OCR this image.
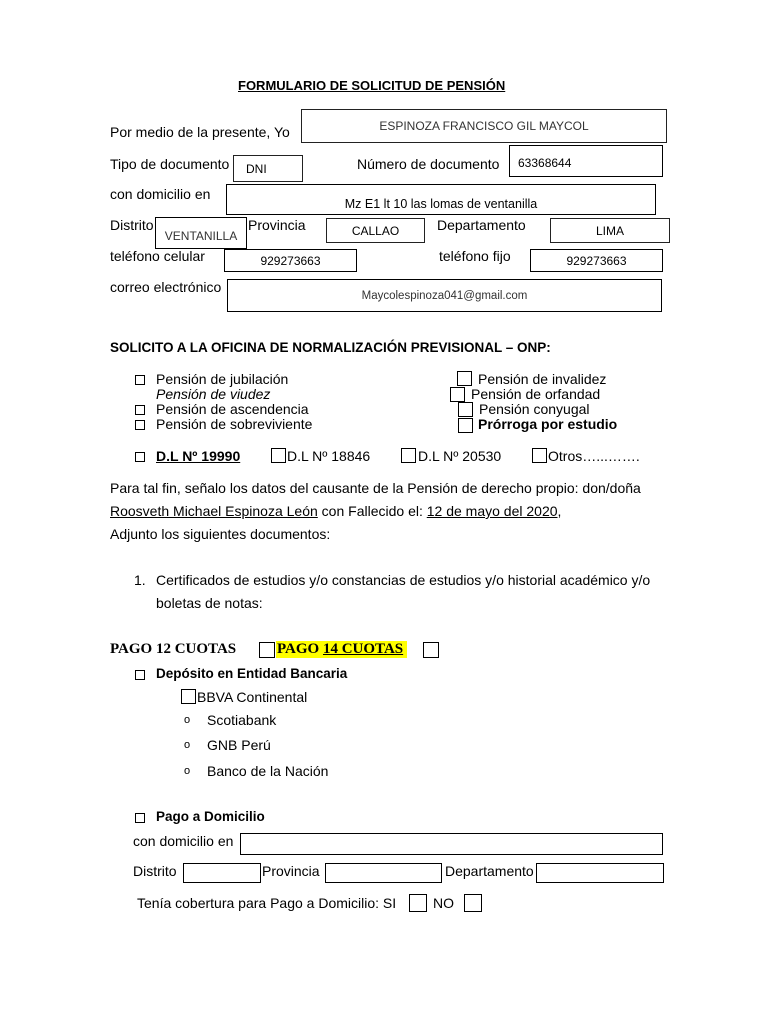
FORMULARIO DE SOLICITUD DE PENSIÓN
Por medio de la presente, Yo	ESPINOZA FRANCISCO GIL MAYCOL
Tipo de documento	DNI	Número de documento	63368644
con domicilio en
Mz E1 lt 10 las lomas de ventanilla
Distrito
VENTANILLA
Provincia	CALLAO	Departamento	LIMA
teléfono celular	929273663	teléfono fijo	929273663
correo electrónico
Maycolespinoza041@gmail.com
SOLICITO A LA OFICINA DE NORMALIZACIÓN PREVISIONAL – ONP:
Pensión de jubilación
Pensión de viudez
Pensión de ascendencia
Pensión de sobreviviente
Pensión de invalidez
Pensión de orfandad
Pensión conyugal
Prórroga por estudio
D.L Nº 19990	D.L Nº 18846	D.L Nº 20530	Otros…...…….
Para tal fin, señalo los datos del causante de la Pensión de derecho propio: don/doña
Roosveth Michael Espinoza León con Fallecido el: 12 de mayo del 2020,
Adjunto los siguientes documentos:
1. Certificados de estudios y/o constancias de estudios y/o historial académico y/o
boletas de notas:
PAGO 12 CUOTAS	PAGO 14 CUOTAS
Depósito en Entidad Bancaria
BBVA Continental
o Scotiabank
o GNB Perú
o Banco de la Nación
Pago a Domicilio
con domicilio en
Distrito	Provincia	Departamento
Tenía cobertura para Pago a Domicilio: SI	NO
